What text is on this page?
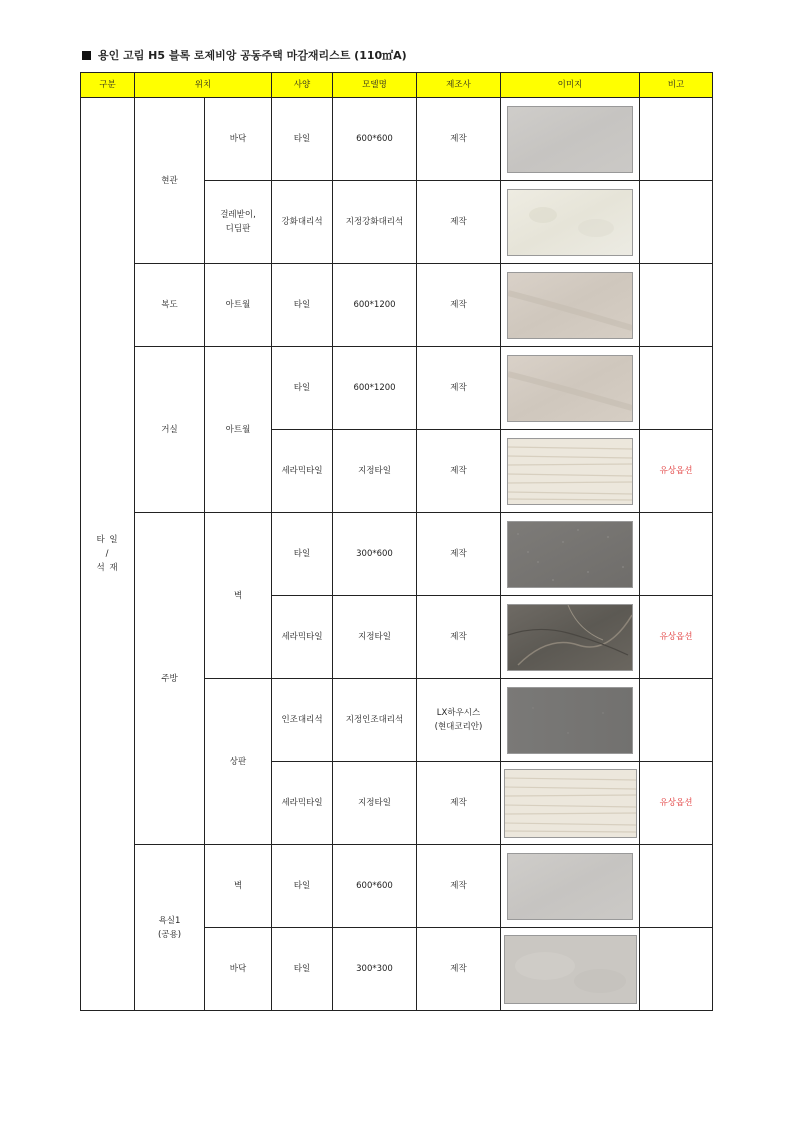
용인 고림 H5 블록 로제비앙 공동주택 마감재리스트 (110㎡A)
구분	위치		사양	모델명	제조사	이미지	비고
타 일
/
석 재	현관	바닥	타일	600*600	제작	

		걸레받이,
디딤판	강화대리석	지정강화대리석	제작	

	복도	아트월	타일	600*1200	제작	

	거실	아트월	타일	600*1200	제작	

			세라믹타일	지정타일	제작		유상옵션
	주방	벽	타일	300*600	제작	

			세라믹타일	지정타일	제작		유상옵션
		상판	인조대리석	지정인조대리석	LX하우시스
(현대코리안)	

			세라믹타일	지정타일	제작		유상옵션
	욕실1
(공용)	벽	타일	600*600	제작	

		바닥	타일	300*300	제작	
